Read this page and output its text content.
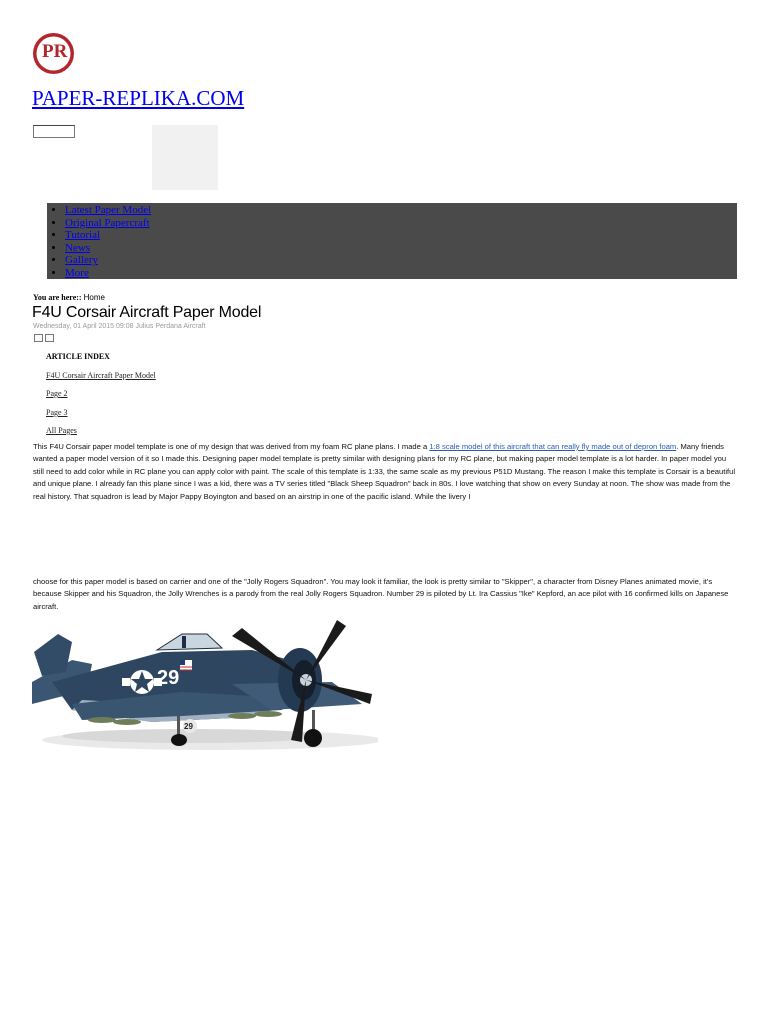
PR
PAPER-REPLIKA.COM
• Latest Paper Model
• Original Papercraft
• Tutorial
• News
• Gallery
• More
You are here:: Home
F4U Corsair Aircraft Paper Model
Wednesday, 01 April 2015 09:08 Julius Perdana Aircraft
ARTICLE INDEX
F4U Corsair Aircraft Paper Model
Page 2
Page 3
All Pages

This F4U Corsair paper model template is one of my design that was derived from my foam RC plane plans. I made a 1:8 scale model of this aircraft that can really fly made out of depron foam. Many friends wanted a paper model version of it so I made this. Designing paper model template is pretty similar with designing plans for my RC plane, but making paper model template is a lot harder. In paper model you still need to add color while in RC plane you can apply color with paint. The scale of this template is 1:33, the same scale as my previous P51D Mustang. The reason I make this template is Corsair is a beautiful and unique plane. I already fan this plane since I was a kid, there was a TV series titled "Black Sheep Squadron" back in 80s. I love watching that show on every Sunday at noon. The show was made from the real history. That squadron is lead by Major Pappy Boyington and based on an airstrip in one of the pacific island. While the livery I

choose for this paper model is based on carrier and one of the "Jolly Rogers Squadron". You may look it familiar, the look is pretty similar to "Skipper", a character from Disney Planes animated movie, it's because Skipper and his Squadron, the Jolly Wrenches is a parody from the real Jolly Rogers Squadron. Number 29 is piloted by Lt. Ira Cassius "Ike" Kepford, an ace pilot with 16 confirmed kills on Japanese aircraft.

29
29
